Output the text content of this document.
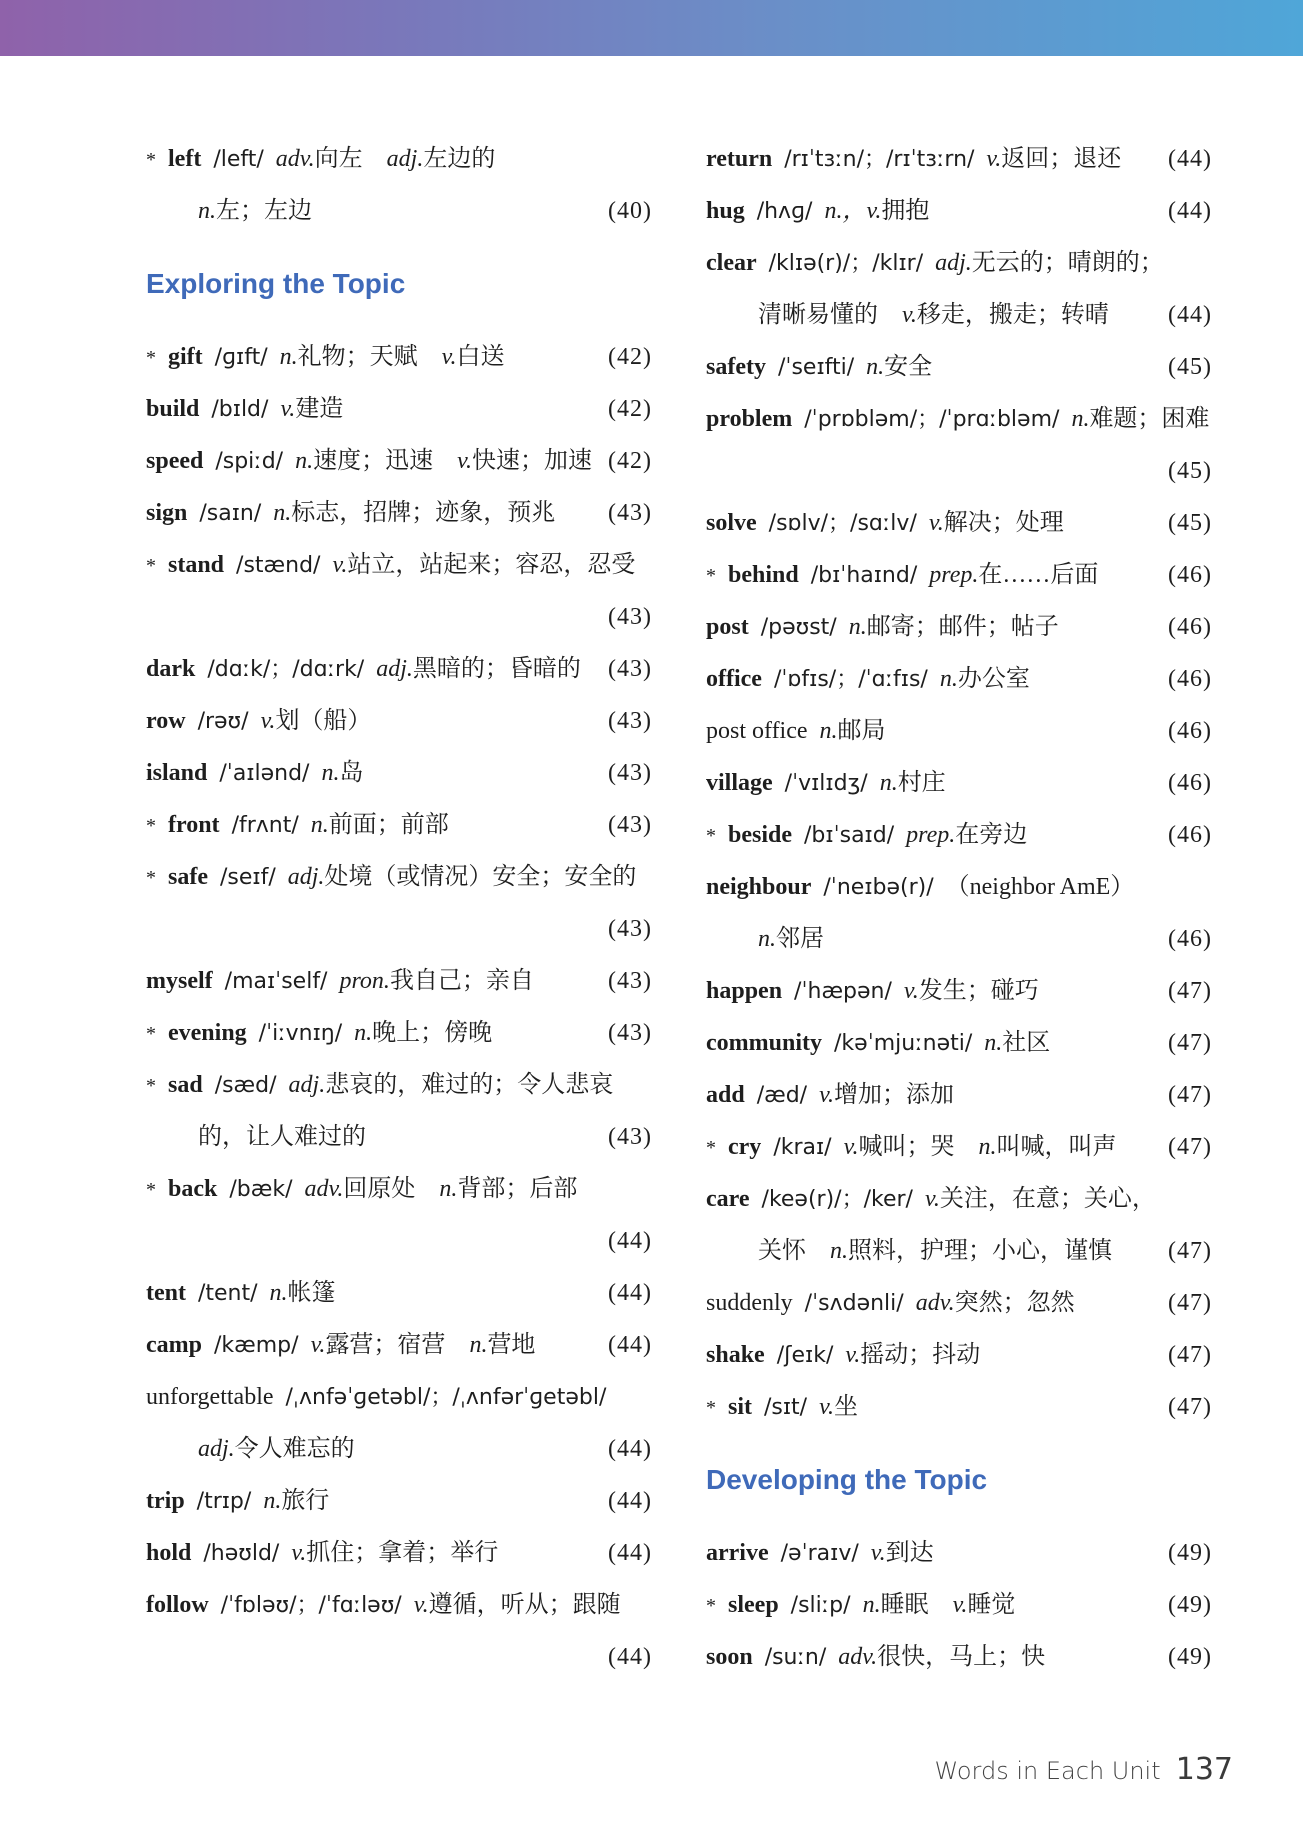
* left  /left/  adv.向左  adj.左边的
n.左；左边	(40)
Exploring the Topic
* gift  /ɡɪft/  n.礼物；天赋  v.白送	(42)
build  /bɪld/  v.建造	(42)
speed  /spiːd/  n.速度；迅速  v.快速；加速 (42)
sign  /saɪn/  n.标志，招牌；迹象，预兆 (43)
* stand  /stænd/  v.站立，站起来；容忍，忍受
(43)
dark  /dɑːk/；/dɑːrk/  adj.黑暗的；昏暗的 (43)
row  /rəʊ/  v.划（船）	(43)
island  /ˈaɪlənd/  n.岛	(43)
* front  /frʌnt/  n.前面；前部	(43)
* safe  /seɪf/  adj.处境（或情况）安全；安全的
(43)
myself  /maɪˈself/  pron.我自己；亲自	(43)
* evening  /ˈiːvnɪŋ/  n.晚上；傍晚	(43)
* sad  /sæd/  adj.悲哀的，难过的；令人悲哀
的，让人难过的	(43)
* back  /bæk/  adv.回原处  n.背部；后部
(44)
tent  /tent/  n.帐篷	(44)
camp  /kæmp/  v.露营；宿营  n.营地	(44)
unforgettable  /ˌʌnfəˈɡetəbl/；/ˌʌnfərˈɡetəbl/ 
adj.令人难忘的	(44)
trip  /trɪp/  n.旅行	(44)
hold  /həʊld/  v.抓住；拿着；举行	(44)
follow  /ˈfɒləʊ/；/ˈfɑːləʊ/  v.遵循，听从；跟随
(44)
return  /rɪˈtɜːn/；/rɪˈtɜːrn/  v.返回；退还 (44)
hug  /hʌɡ/  n.，v.拥抱	(44)
clear  /klɪə(r)/；/klɪr/  adj.无云的；晴朗的；
清晰易懂的  v.移走，搬走；转晴 (44)
safety  /ˈseɪfti/  n.安全	(45)
problem  /ˈprɒbləm/；/ˈprɑːbləm/  n.难题；困难
(45)
solve  /sɒlv/；/sɑːlv/  v.解决；处理	(45)
* behind  /bɪˈhaɪnd/  prep.在……后面	(46)
post  /pəʊst/  n.邮寄；邮件；帖子	(46)
office  /ˈɒfɪs/；/ˈɑːfɪs/  n.办公室	(46)
post office  n.邮局	(46)
village  /ˈvɪlɪdʒ/  n.村庄	(46)
* beside  /bɪˈsaɪd/  prep.在旁边	(46)
neighbour  /ˈneɪbə(r)/  （neighbor AmE）
n.邻居	(46)
happen  /ˈhæpən/  v.发生；碰巧	(47)
community  /kəˈmjuːnəti/  n.社区	(47)
add  /æd/  v.增加；添加	(47)
* cry  /kraɪ/  v.喊叫；哭  n.叫喊，叫声 (47)
care  /keə(r)/；/ker/  v.关注，在意；关心，
关怀  n.照料，护理；小心，谨慎 (47)
suddenly  /ˈsʌdənli/  adv.突然；忽然	(47)
shake  /ʃeɪk/  v.摇动；抖动	(47)
* sit  /sɪt/  v.坐	(47)
Developing the Topic
arrive  /əˈraɪv/  v.到达	(49)
* sleep  /sliːp/  n.睡眠  v.睡觉	(49)
soon  /suːn/  adv.很快，马上；快	(49)
Words in Each Unit 137
